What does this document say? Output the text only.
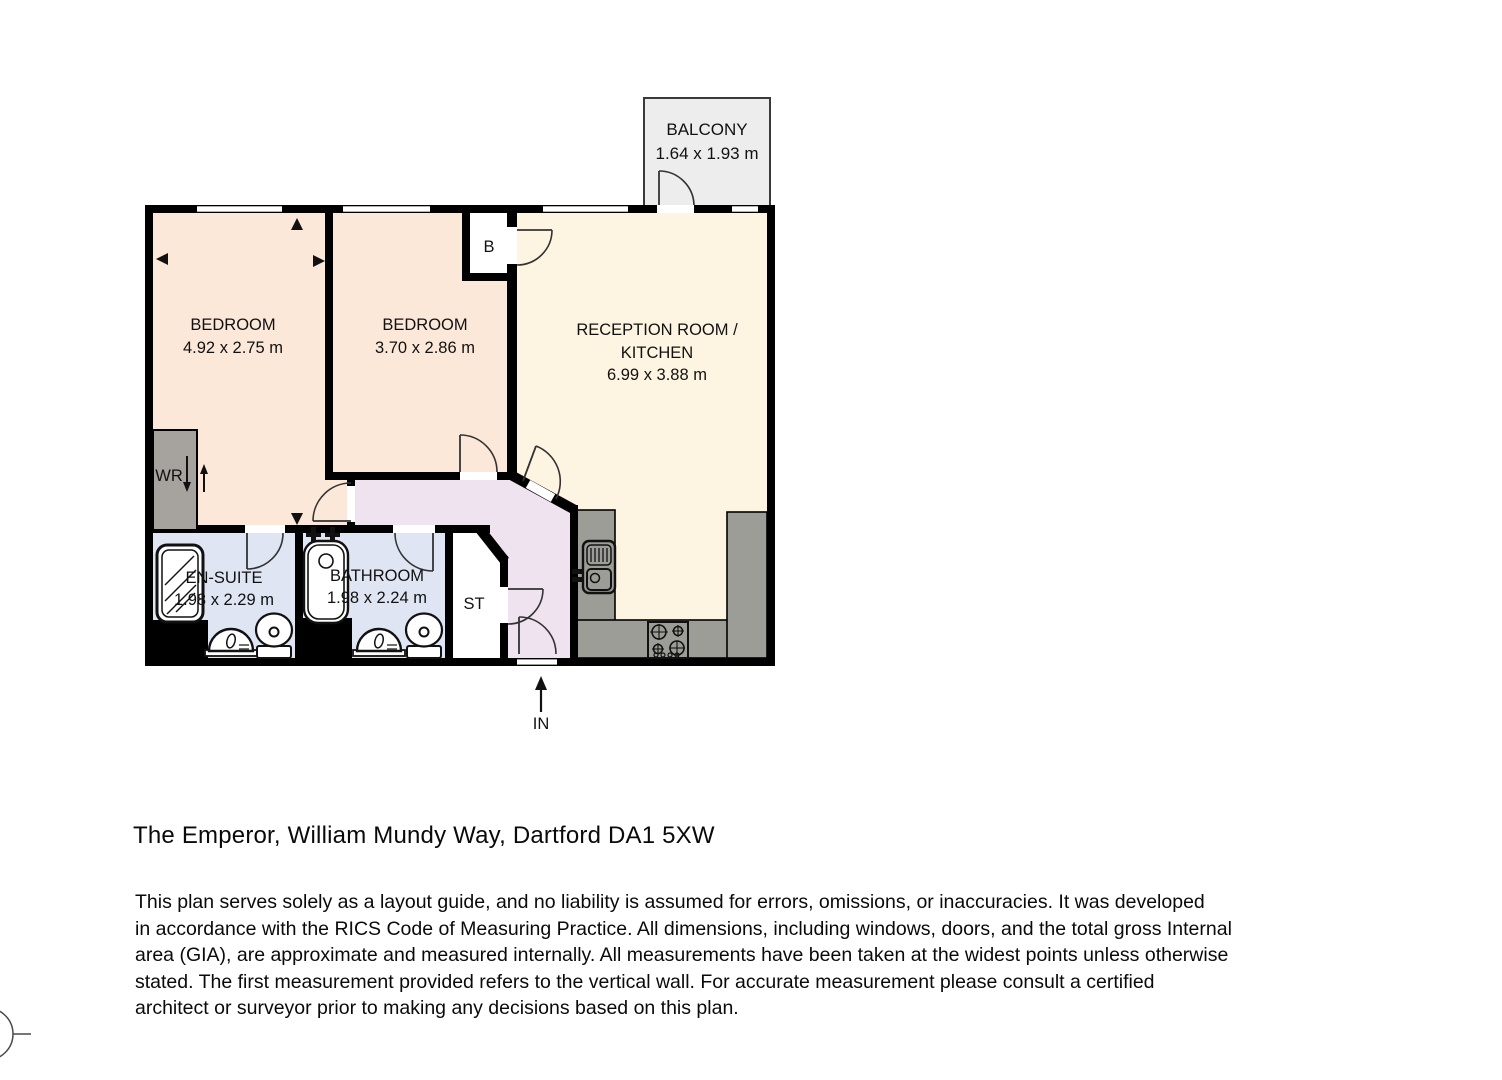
BALCONY
1.64 x 1.93 m
BEDROOM
4.92 x 2.75 m
BEDROOM
3.70 x 2.86 m
RECEPTION ROOM /
KITCHEN
6.99 x 3.88 m
EN-SUITE
1.98 x 2.29 m
BATHROOM
1.98 x 2.24 m ST
B
WR
IN
The Emperor, William Mundy Way, Dartford DA1 5XW
This plan serves solely as a layout guide, and no liability is assumed for errors, omissions, or inaccuracies. It was developed
in accordance with the RICS Code of Measuring Practice. All dimensions, including windows, doors, and the total gross Internal
area (GIA), are approximate and measured internally. All measurements have been taken at the widest points unless otherwise
stated. The first measurement provided refers to the vertical wall. For accurate measurement please consult a certified
architect or surveyor prior to making any decisions based on this plan.
